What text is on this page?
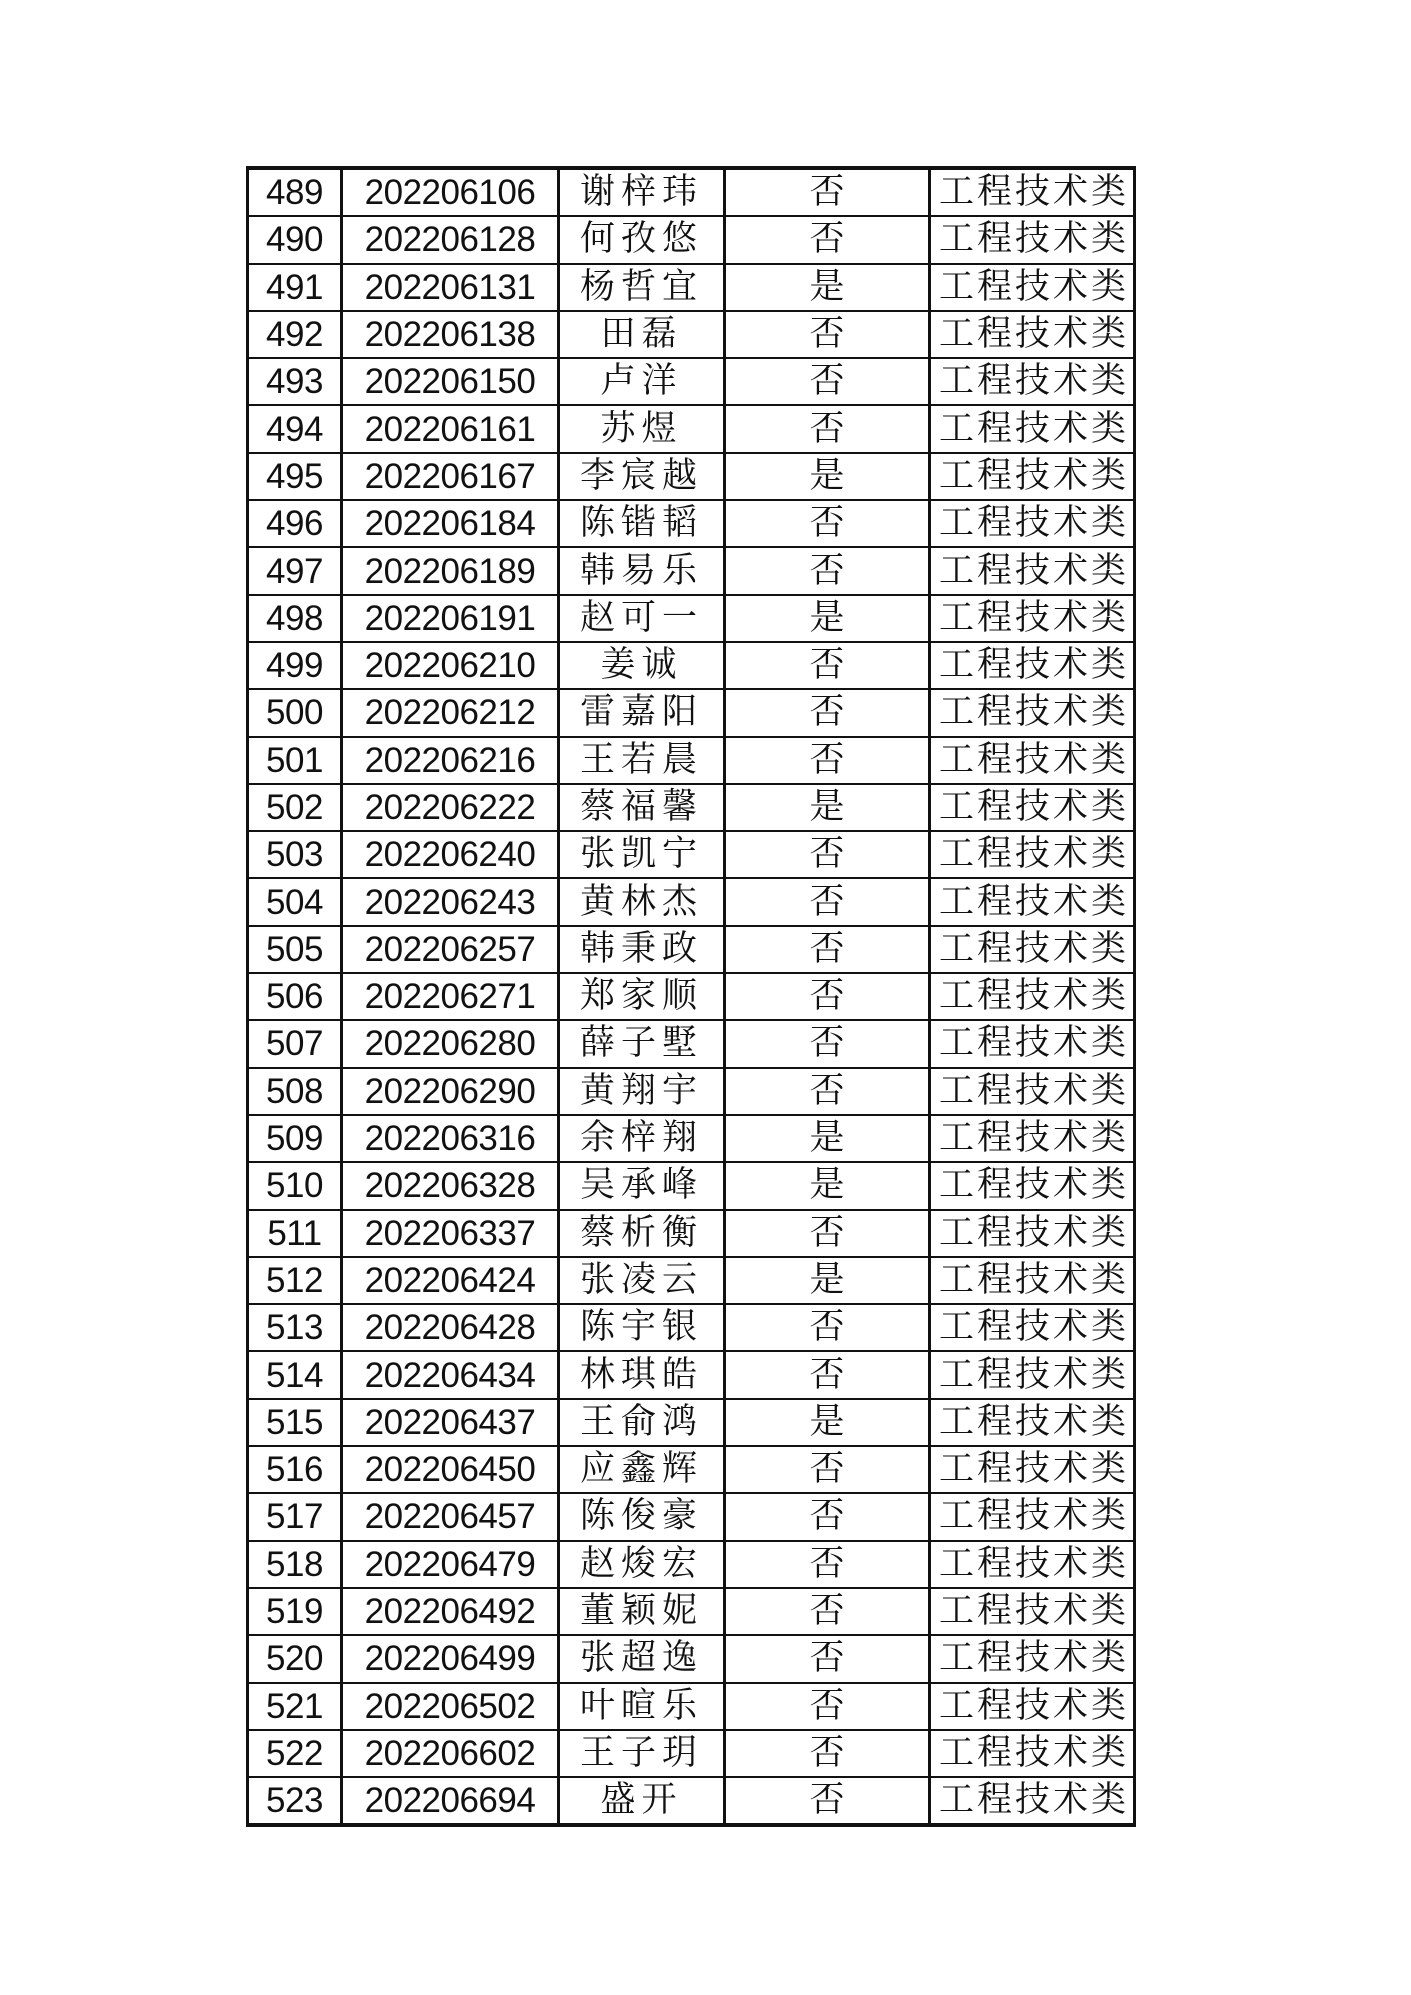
489	202206106	谢梓玮	否	工程技术类
490	202206128	何孜悠	否	工程技术类
491	202206131	杨哲宜	是	工程技术类
492	202206138	田磊	否	工程技术类
493	202206150	卢洋	否	工程技术类
494	202206161	苏煜	否	工程技术类
495	202206167	李宸越	是	工程技术类
496	202206184	陈锴韬	否	工程技术类
497	202206189	韩易乐	否	工程技术类
498	202206191	赵可一	是	工程技术类
499	202206210	姜诚	否	工程技术类
500	202206212	雷嘉阳	否	工程技术类
501	202206216	王若晨	否	工程技术类
502	202206222	蔡福馨	是	工程技术类
503	202206240	张凯宁	否	工程技术类
504	202206243	黄林杰	否	工程技术类
505	202206257	韩秉政	否	工程技术类
506	202206271	郑家顺	否	工程技术类
507	202206280	薛子墅	否	工程技术类
508	202206290	黄翔宇	否	工程技术类
509	202206316	余梓翔	是	工程技术类
510	202206328	吴承峰	是	工程技术类
511	202206337	蔡析衡	否	工程技术类
512	202206424	张凌云	是	工程技术类
513	202206428	陈宇银	否	工程技术类
514	202206434	林琪皓	否	工程技术类
515	202206437	王俞鸿	是	工程技术类
516	202206450	应鑫辉	否	工程技术类
517	202206457	陈俊豪	否	工程技术类
518	202206479	赵焌宏	否	工程技术类
519	202206492	董颖妮	否	工程技术类
520	202206499	张超逸	否	工程技术类
521	202206502	叶暄乐	否	工程技术类
522	202206602	王子玥	否	工程技术类
523	202206694	盛开	否	工程技术类
